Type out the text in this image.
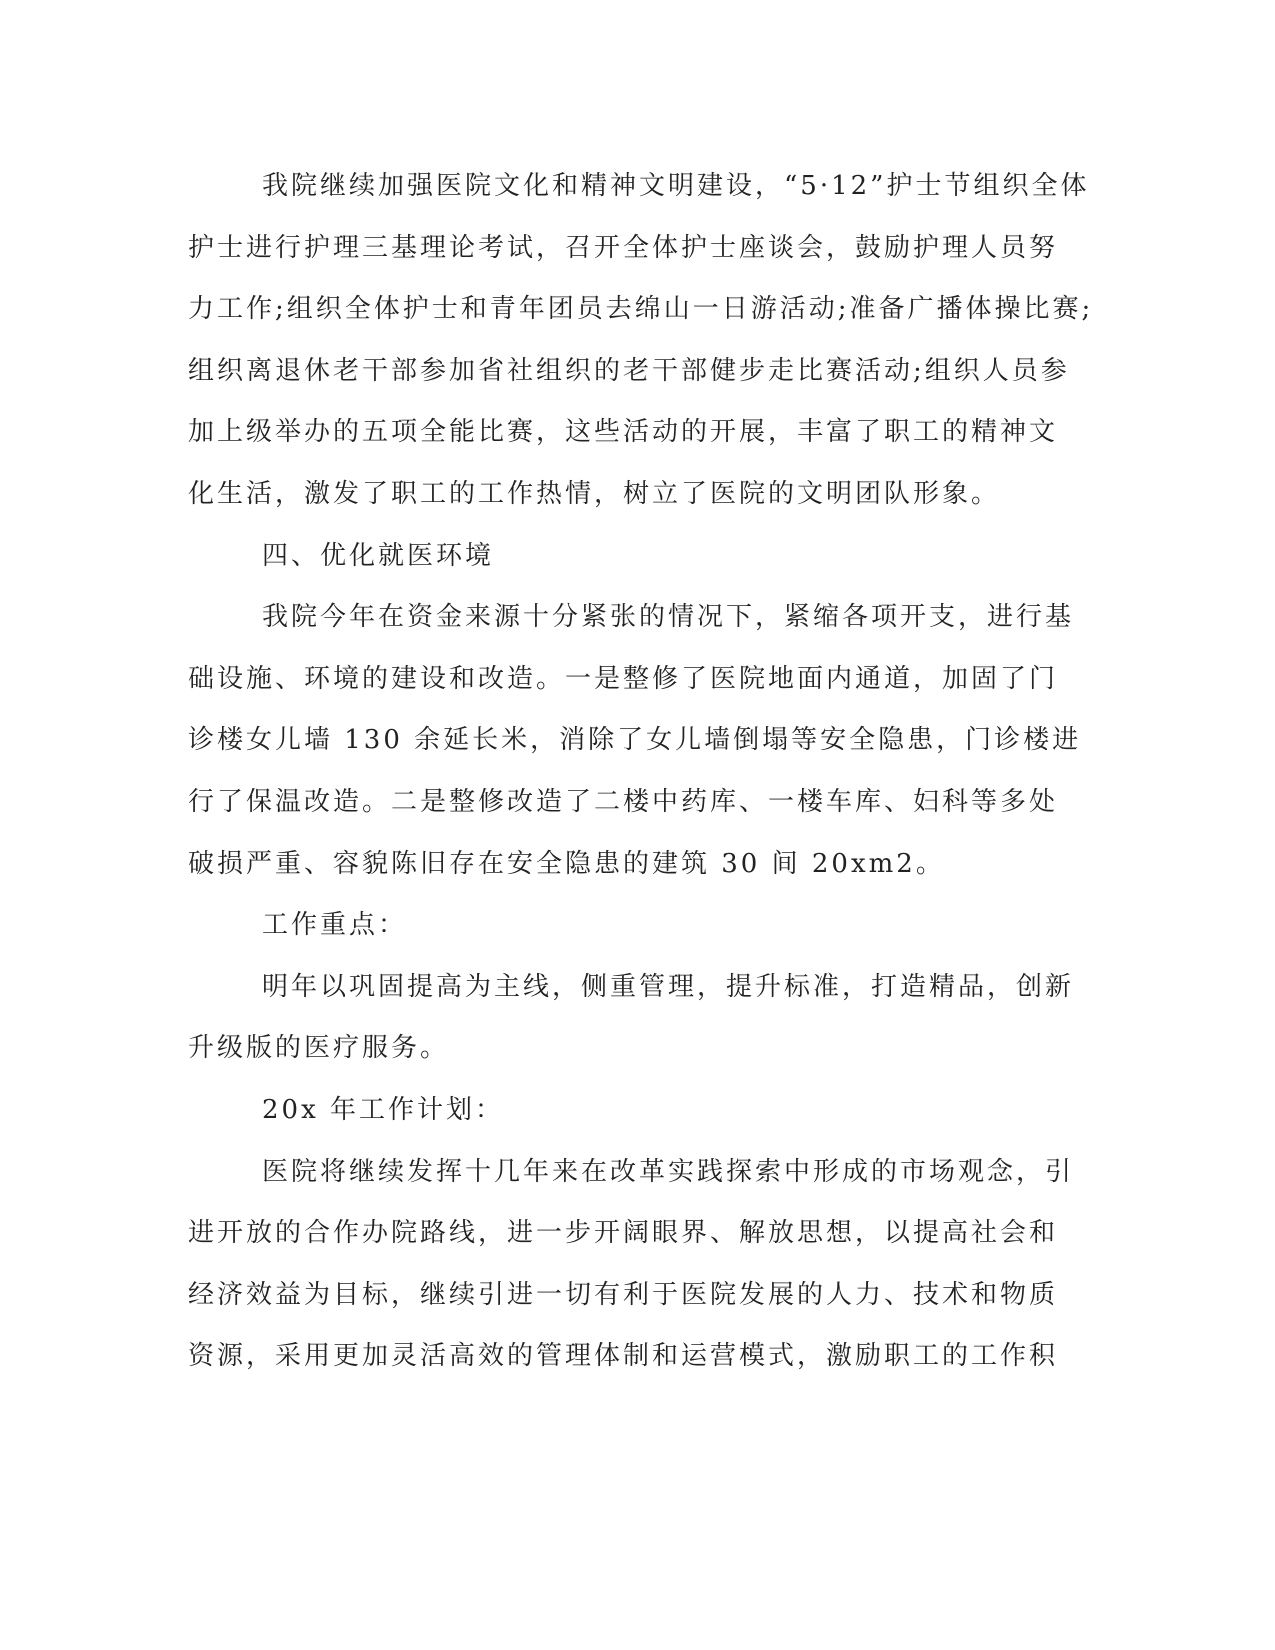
我院继续加强医院文化和精神文明建设，“5·12”护士节组织全体
护士进行护理三基理论考试，召开全体护士座谈会，鼓励护理人员努
力工作;组织全体护士和青年团员去绵山一日游活动;准备广播体操比赛;
组织离退休老干部参加省社组织的老干部健步走比赛活动;组织人员参
加上级举办的五项全能比赛，这些活动的开展，丰富了职工的精神文
化生活，激发了职工的工作热情，树立了医院的文明团队形象。
四、优化就医环境
我院今年在资金来源十分紧张的情况下，紧缩各项开支，进行基
础设施、环境的建设和改造。一是整修了医院地面内通道，加固了门
诊楼女儿墙 130 余延长米，消除了女儿墙倒塌等安全隐患，门诊楼进
行了保温改造。二是整修改造了二楼中药库、一楼车库、妇科等多处
破损严重、容貌陈旧存在安全隐患的建筑 30 间 20xm2。
工作重点：
明年以巩固提高为主线，侧重管理，提升标准，打造精品，创新
升级版的医疗服务。
20x 年工作计划：
医院将继续发挥十几年来在改革实践探索中形成的市场观念，引
进开放的合作办院路线，进一步开阔眼界、解放思想，以提高社会和
经济效益为目标，继续引进一切有利于医院发展的人力、技术和物质
资源，采用更加灵活高效的管理体制和运营模式，激励职工的工作积
